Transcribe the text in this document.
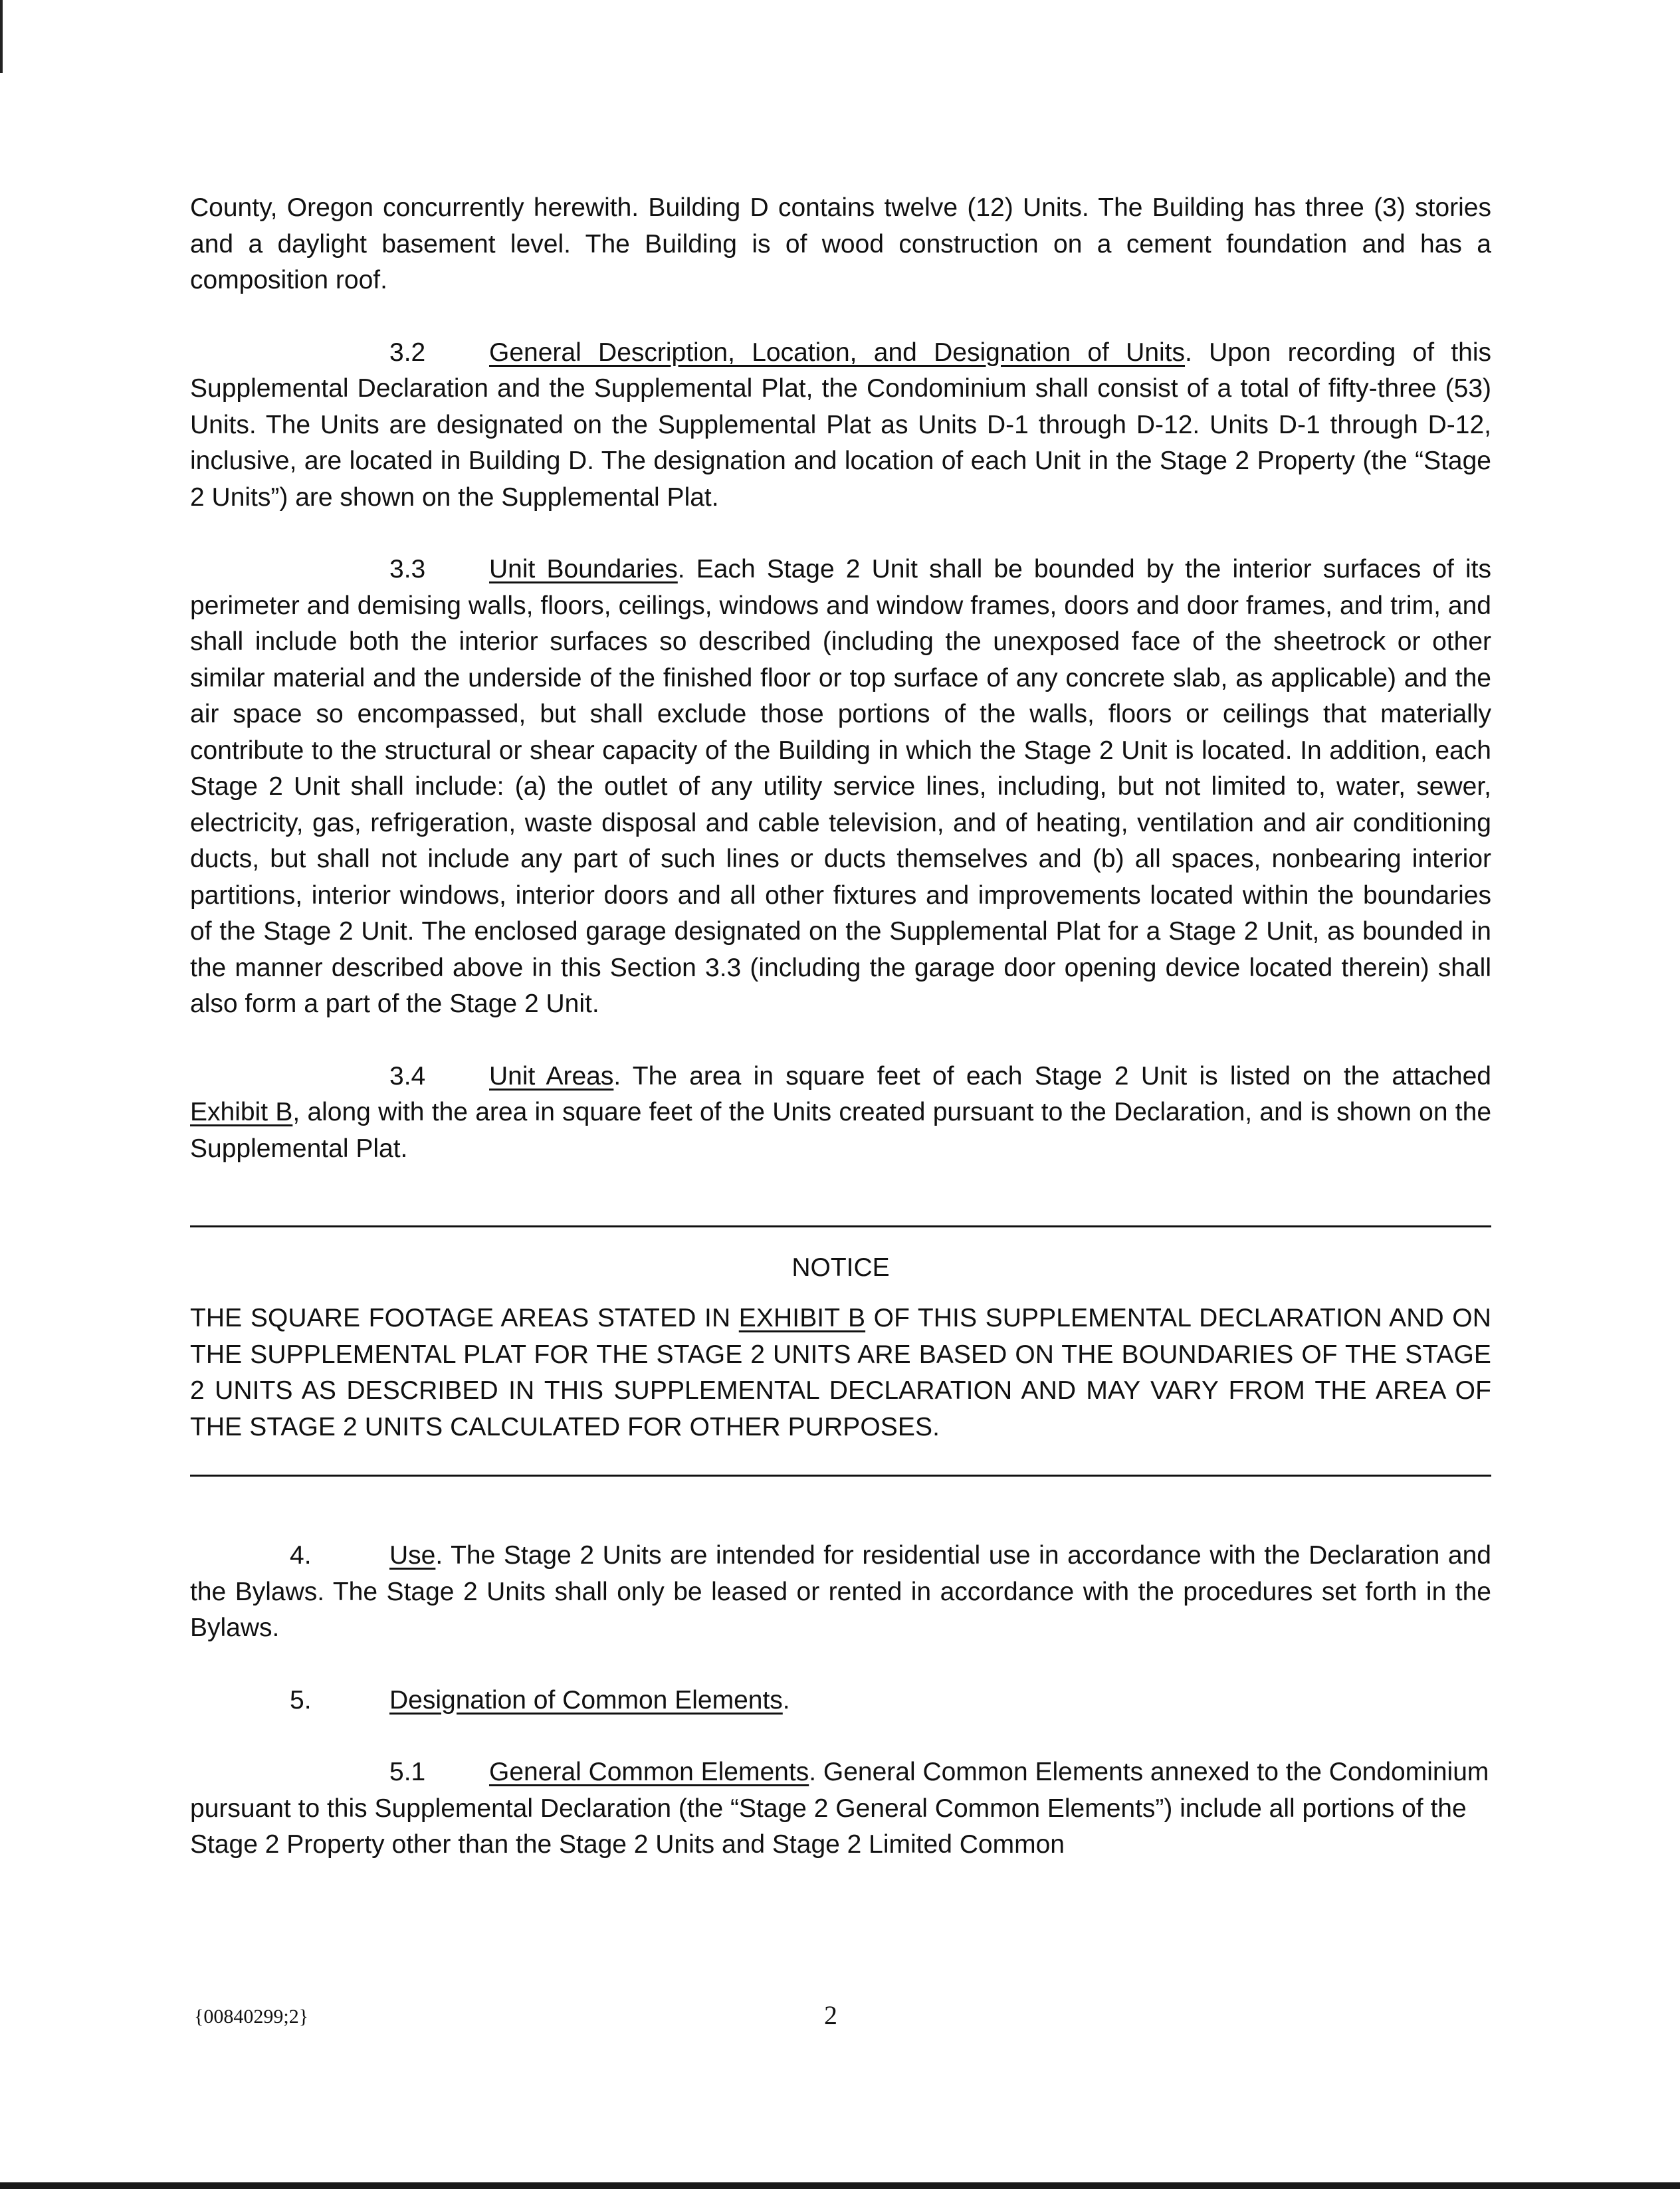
County, Oregon concurrently herewith. Building D contains twelve (12) Units. The Building has three (3) stories and a daylight basement level. The Building is of wood construction on a cement foundation and has a composition roof.

3.2 General Description, Location, and Designation of Units. Upon recording of this Supplemental Declaration and the Supplemental Plat, the Condominium shall consist of a total of fifty-three (53) Units. The Units are designated on the Supplemental Plat as Units D-1 through D-12. Units D-1 through D-12, inclusive, are located in Building D. The designation and location of each Unit in the Stage 2 Property (the “Stage 2 Units”) are shown on the Supplemental Plat.

3.3 Unit Boundaries. Each Stage 2 Unit shall be bounded by the interior surfaces of its perimeter and demising walls, floors, ceilings, windows and window frames, doors and door frames, and trim, and shall include both the interior surfaces so described (including the unexposed face of the sheetrock or other similar material and the underside of the finished floor or top surface of any concrete slab, as applicable) and the air space so encompassed, but shall exclude those portions of the walls, floors or ceilings that materially contribute to the structural or shear capacity of the Building in which the Stage 2 Unit is located. In addition, each Stage 2 Unit shall include: (a) the outlet of any utility service lines, including, but not limited to, water, sewer, electricity, gas, refrigeration, waste disposal and cable television, and of heating, ventilation and air conditioning ducts, but shall not include any part of such lines or ducts themselves and (b) all spaces, nonbearing interior partitions, interior windows, interior doors and all other fixtures and improvements located within the boundaries of the Stage 2 Unit. The enclosed garage designated on the Supplemental Plat for a Stage 2 Unit, as bounded in the manner described above in this Section 3.3 (including the garage door opening device located therein) shall also form a part of the Stage 2 Unit.

3.4 Unit Areas. The area in square feet of each Stage 2 Unit is listed on the attached Exhibit B, along with the area in square feet of the Units created pursuant to the Declaration, and is shown on the Supplemental Plat.

NOTICE

THE SQUARE FOOTAGE AREAS STATED IN EXHIBIT B OF THIS SUPPLEMENTAL DECLARATION AND ON THE SUPPLEMENTAL PLAT FOR THE STAGE 2 UNITS ARE BASED ON THE BOUNDARIES OF THE STAGE 2 UNITS AS DESCRIBED IN THIS SUPPLEMENTAL DECLARATION AND MAY VARY FROM THE AREA OF THE STAGE 2 UNITS CALCULATED FOR OTHER PURPOSES.

4.	Use. The Stage 2 Units are intended for residential use in accordance with the Declaration and the Bylaws. The Stage 2 Units shall only be leased or rented in accordance with the procedures set forth in the Bylaws.

5.	Designation of Common Elements.

5.1 General Common Elements. General Common Elements annexed to the Condominium pursuant to this Supplemental Declaration (the “Stage 2 General Common Elements”) include all portions of the Stage 2 Property other than the Stage 2 Units and Stage 2 Limited Common

{00840299;2}	2
